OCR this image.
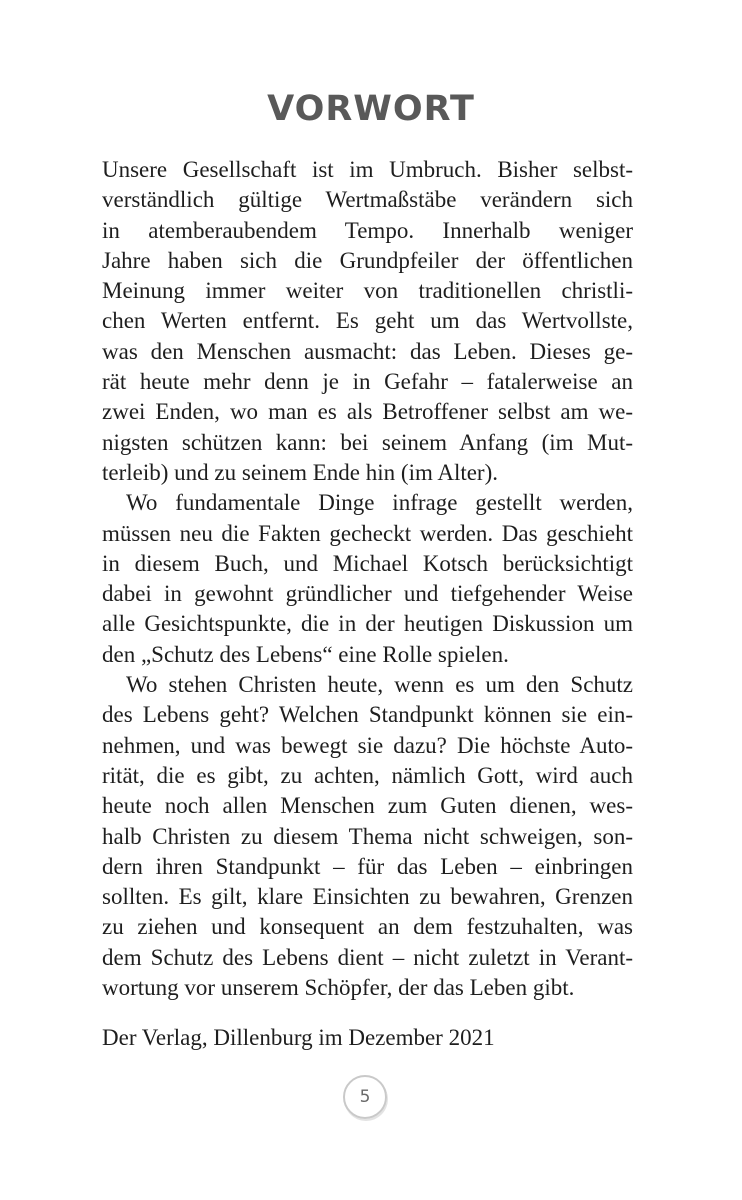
VORWORT
Unsere Gesellschaft ist im Umbruch. Bisher selbst-
verständlich gültige Wertmaßstäbe verändern sich
in atemberaubendem Tempo. Innerhalb weniger
Jahre haben sich die Grundpfeiler der öffentlichen
Meinung immer weiter von traditionellen christli-
chen Werten entfernt. Es geht um das Wertvollste,
was den Menschen ausmacht: das Leben. Dieses ge-
rät heute mehr denn je in Gefahr – fatalerweise an
zwei Enden, wo man es als Betroffener selbst am we-
nigsten schützen kann: bei seinem Anfang (im Mut-
terleib) und zu seinem Ende hin (im Alter).
Wo fundamentale Dinge infrage gestellt werden,
müssen neu die Fakten gecheckt werden. Das geschieht
in diesem Buch, und Michael Kotsch berücksichtigt
dabei in gewohnt gründlicher und tiefgehender Weise
alle Gesichtspunkte, die in der heutigen Diskussion um
den „Schutz des Lebens“ eine Rolle spielen.
Wo stehen Christen heute, wenn es um den Schutz
des Lebens geht? Welchen Standpunkt können sie ein-
nehmen, und was bewegt sie dazu? Die höchste Auto-
rität, die es gibt, zu achten, nämlich Gott, wird auch
heute noch allen Menschen zum Guten dienen, wes-
halb Christen zu diesem Thema nicht schweigen, son-
dern ihren Standpunkt – für das Leben – einbringen
sollten. Es gilt, klare Einsichten zu bewahren, Grenzen
zu ziehen und konsequent an dem festzuhalten, was
dem Schutz des Lebens dient – nicht zuletzt in Verant-
wortung vor unserem Schöpfer, der das Leben gibt.
Der Verlag, Dillenburg im Dezember 2021
5
